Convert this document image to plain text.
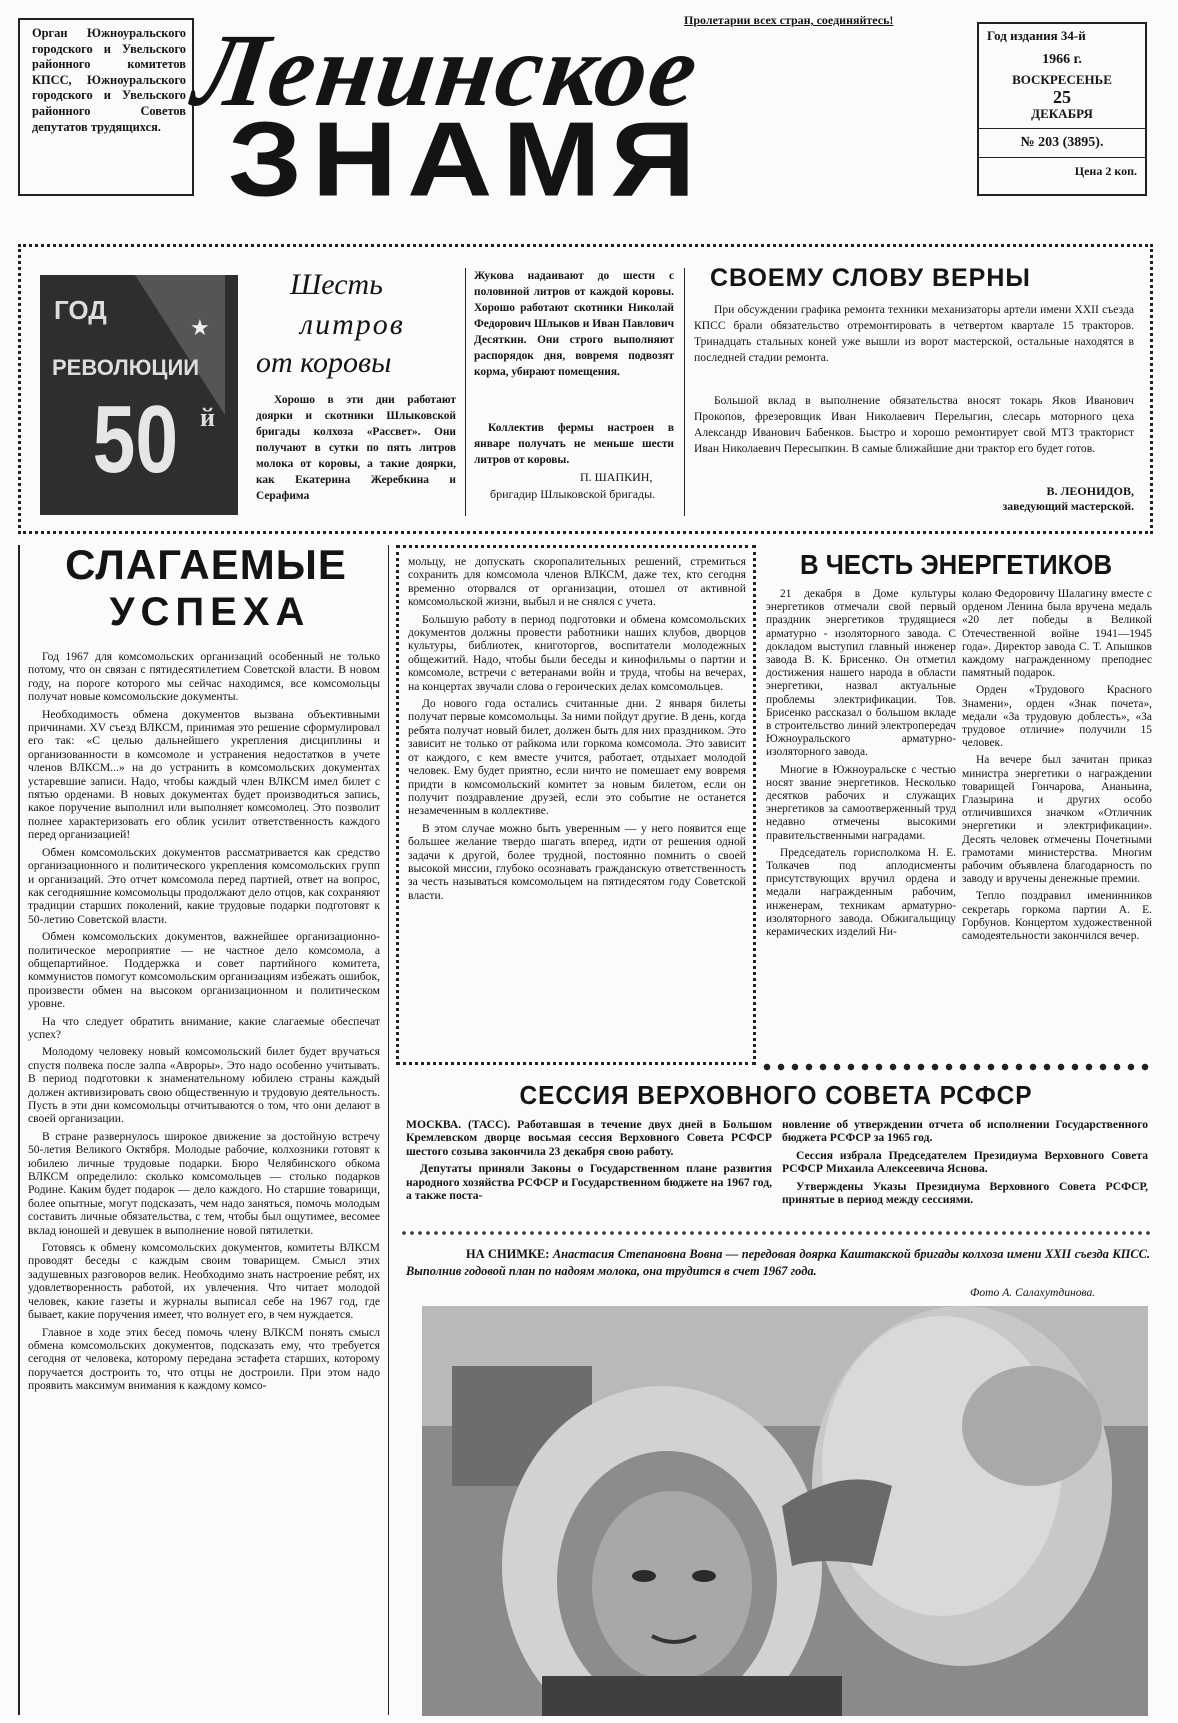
Орган Южноуральского городского и Увельского районного комитетов КПСС, Южноуральского городского и Увельского районного Советов депутатов трудящихся.
Пролетарии всех стран, соединяйтесь!
Ленинское
ЗНАМЯ
Год издания 34-й
1966 г.
ВОСКРЕСЕНЬЕ
25
ДЕКАБРЯ
№ 203 (3895).
Цена 2 коп.
ГОД
РЕВОЛЮЦИИ
50 й
★
Шесть
литров
от коровы
Хорошо в эти дни работают доярки и скотники Шлыковской бригады колхоза «Рассвет». Они получают в сутки по пять литров молока от коровы, а такие доярки, как Екатерина Жеребкина и Серафима
Жукова надаивают до шести с половиной литров от каждой коровы. Хорошо работают скотники Николай Федорович Шлыков и Иван Павлович Десяткин. Они строго выполняют распорядок дня, вовремя подвозят корма, убирают помещения.
Коллектив фермы настроен в январе получать не меньше шести литров от коровы.
П. ШАПКИН,
бригадир Шлыковской бригады.
СВОЕМУ СЛОВУ ВЕРНЫ
При обсуждении графика ремонта техники механизаторы артели имени XXII съезда КПСС брали обязательство отремонтировать в четвертом квартале 15 тракторов. Тринадцать стальных коней уже вышли из ворот мастерской, остальные находятся в последней стадии ремонта.
Большой вклад в выполнение обязательства вносят токарь Яков Иванович Прокопов, фрезеровщик Иван Николаевич Перелыгин, слесарь моторного цеха Александр Иванович Бабенков. Быстро и хорошо ремонтирует свой МТЗ тракторист Иван Николаевич Пересыпкин. В самые ближайшие дни трактор его будет готов.
В. ЛЕОНИДОВ,
заведующий мастерской.
СЛАГАЕМЫЕ
УСПЕХА

Год 1967 для комсомольских организаций особенный не только потому, что он связан с пятидесятилетием Советской власти. В новом году, на пороге которого мы сейчас находимся, все комсомольцы получат новые комсомольские документы.

Необходимость обмена документов вызвана объективными причинами. XV съезд ВЛКСМ, принимая это решение сформулировал его так: «С целью дальнейшего укрепления дисциплины и организованности в комсомоле и устранения недостатков в учете членов ВЛКСМ...» на до устранить в комсомольских документах устаревшие записи. Надо, чтобы каждый член ВЛКСМ имел билет с пятью орденами. В новых документах будет производиться запись, какое поручение выполнил или выполняет комсомолец. Это позволит полнее характеризовать его облик усилит ответственность каждого перед организацией!

Обмен комсомольских документов рассматривается как средство организационного и политического укрепления комсомольских групп и организаций. Это отчет комсомола перед партией, ответ на вопрос, как сегодняшние комсомольцы продолжают дело отцов, как сохраняют традиции старших поколений, какие трудовые подарки подготовят к 50-летию Советской власти.

Обмен комсомольских документов, важнейшее организационно-политическое мероприятие — не частное дело комсомола, а общепартийное. Поддержка и совет партийного комитета, коммунистов помогут комсомольским организациям избежать ошибок, произвести обмен на высоком организационном и политическом уровне.

На что следует обратить внимание, какие слагаемые обеспечат успех?

Молодому человеку новый комсомольский билет будет вручаться спустя полвека после залпа «Авроры». Это надо особенно учитывать. В период подготовки к знаменательному юбилею страны каждый должен активизировать свою общественную и трудовую деятельность. Пусть в эти дни комсомольцы отчитываются о том, что они делают в своей организации.

В стране развернулось широкое движение за достойную встречу 50-летия Великого Октября. Молодые рабочие, колхозники готовят к юбилею личные трудовые подарки. Бюро Челябинского обкома ВЛКСМ определило: сколько комсомольцев — столько подарков Родине. Каким будет подарок — дело каждого. Но старшие товарищи, более опытные, могут подсказать, чем надо заняться, помочь молодым составить личные обязательства, с тем, чтобы был ощутимее, весомее вклад юношей и девушек в выполнение новой пятилетки.

Готовясь к обмену комсомольских документов, комитеты ВЛКСМ проводят беседы с каждым своим товарищем. Смысл этих задушевных разговоров велик. Необходимо знать настроение ребят, их удовлетворенность работой, их увлечения. Что читает молодой человек, какие газеты и журналы выписал себе на 1967 год, где бывает, какие поручения имеет, что волнует его, в чем нуждается.

Главное в ходе этих бесед помочь члену ВЛКСМ понять смысл обмена комсомольских документов, подсказать ему, что требуется сегодня от человека, которому передана эстафета старших, которому поручается достроить то, что отцы не достроили. При этом надо проявить максимум внимания к каждому комсо-

мольцу, не допускать скоропалительных решений, стремиться сохранить для комсомола членов ВЛКСМ, даже тех, кто сегодня временно оторвался от организации, отошел от активной комсомольской жизни, выбыл и не снялся с учета.

Большую работу в период подготовки и обмена комсомольских документов должны провести работники наших клубов, дворцов культуры, библиотек, книготоргов, воспитатели молодежных общежитий. Надо, чтобы были беседы и кинофильмы о партии и комсомоле, встречи с ветеранами войн и труда, чтобы на вечерах, на концертах звучали слова о героических делах комсомольцев.

До нового года остались считанные дни. 2 января билеты получат первые комсомольцы. За ними пойдут другие. В день, когда ребята получат новый билет, должен быть для них праздником. Это зависит не только от райкома или горкома комсомола. Это зависит от каждого, с кем вместе учится, работает, отдыхает молодой человек. Ему будет приятно, если ничто не помешает ему вовремя придти в комсомольский комитет за новым билетом, если он получит поздравление друзей, если это событие не останется незамеченным в коллективе.

В этом случае можно быть уверенным — у него появится еще большее желание твердо шагать вперед, идти от решения одной задачи к другой, более трудной, постоянно помнить о своей высокой миссии, глубоко осознавать гражданскую ответственность за честь называться комсомольцем на пятидесятом году Советской власти.

В ЧЕСТЬ ЭНЕРГЕТИКОВ

21 декабря в Доме культуры энергетиков отмечали свой первый праздник энергетиков трудящиеся арматурно - изоляторного завода. С докладом выступил главный инженер завода В. К. Брисенко. Он отметил достижения нашего народа в области энергетики, назвал актуальные проблемы электрификации. Тов. Брисенко рассказал о большом вкладе в строительство линий электропередач Южноуральского арматурно-изоляторного завода.

Многие в Южноуральске с честью носят звание энергетиков. Несколько десятков рабочих и служащих энергетиков за самоотверженный труд недавно отмечены высокими правительственными наградами.

Председатель горисполкома Н. Е. Толкачев под аплодисменты присутствующих вручил ордена и медали награжденным рабочим, инженерам, техникам арматурно-изоляторного завода. Обжигальщицу керамических изделий Ни-

колаю Федоровичу Шалагину вместе с орденом Ленина была вручена медаль «20 лет победы в Великой Отечественной войне 1941—1945 года». Директор завода С. Т. Апышков каждому награжденному преподнес памятный подарок.

Орден «Трудового Красного Знамени», орден «Знак почета», медали «За трудовую доблесть», «За трудовое отличие» получили 15 человек.

На вечере был зачитан приказ министра энергетики о награждении товарищей Гончарова, Ананьина, Глазырина и других особо отличившихся значком «Отличник энергетики и электрификации». Десять человек отмечены Почетными грамотами министерства. Многим рабочим объявлена благодарность по заводу и вручены денежные премии.

Тепло поздравил именинников секретарь горкома партии А. Е. Горбунов. Концертом художественной самодеятельности закончился вечер.

СЕССИЯ ВЕРХОВНОГО СОВЕТА РСФСР

МОСКВА. (ТАСС). Работавшая в течение двух дней в Большом Кремлевском дворце восьмая сессия Верховного Совета РСФСР шестого созыва закончила 23 декабря свою работу.

Депутаты приняли Законы о Государственном плане развития народного хозяйства РСФСР и Государственном бюджете на 1967 год, а также поста-

новление об утверждении отчета об исполнении Государственного бюджета РСФСР за 1965 год.

Сессия избрала Председателем Президиума Верховного Совета РСФСР Михаила Алексеевича Яснова.

Утверждены Указы Президиума Верховного Совета РСФСР, принятые в период между сессиями.

НА СНИМКЕ: Анастасия Степановна Вовна — передовая доярка Каштакской бригады колхоза имени XXII съезда КПСС. Выполнив годовой план по надоям молока, она трудится в счет 1967 года.
Фото А. Салахутдинова.
